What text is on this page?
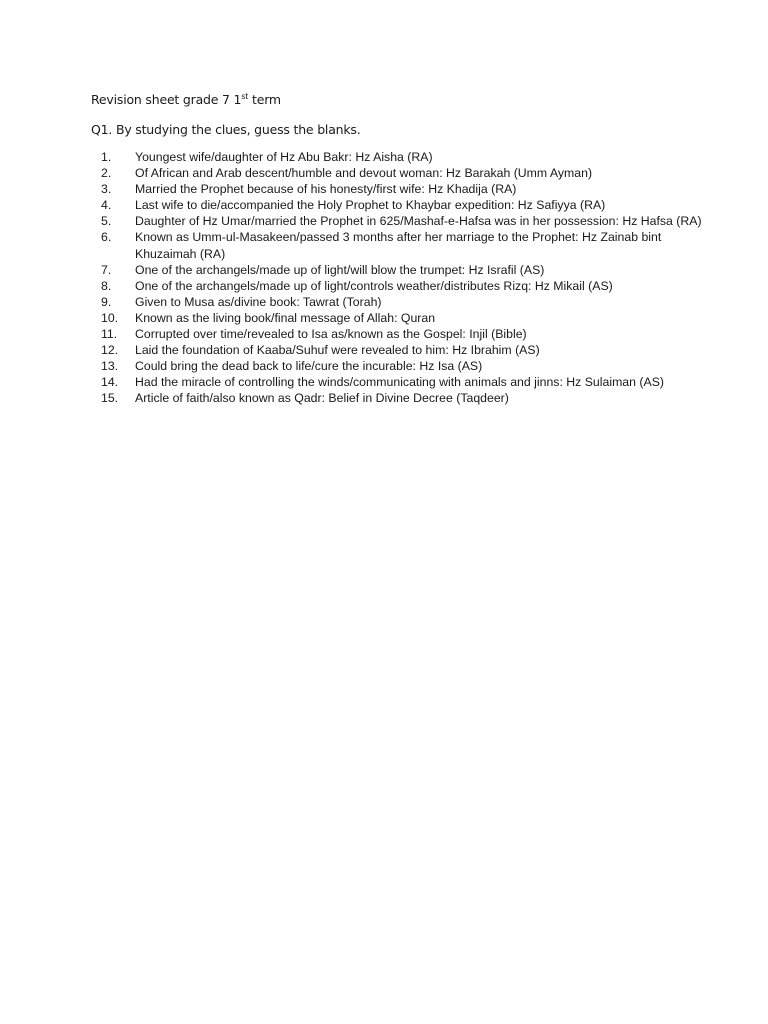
Revision sheet grade 7 1st term
Q1. By studying the clues, guess the blanks.
1.	Youngest wife/daughter of Hz Abu Bakr: Hz Aisha (RA)
2.	Of African and Arab descent/humble and devout woman: Hz Barakah (Umm Ayman)
3.	Married the Prophet because of his honesty/first wife: Hz Khadija (RA)
4.	Last wife to die/accompanied the Holy Prophet to Khaybar expedition: Hz Safiyya (RA)
5.	Daughter of Hz Umar/married the Prophet in 625/Mashaf-e-Hafsa was in her possession: Hz Hafsa (RA)
6.	Known as Umm-ul-Masakeen/passed 3 months after her marriage to the Prophet: Hz Zainab bint Khuzaimah (RA)
7.	One of the archangels/made up of light/will blow the trumpet: Hz Israfil (AS)
8.	One of the archangels/made up of light/controls weather/distributes Rizq: Hz Mikail (AS)
9.	Given to Musa as/divine book: Tawrat (Torah)
10.	Known as the living book/final message of Allah: Quran
11.	Corrupted over time/revealed to Isa as/known as the Gospel: Injil (Bible)
12.	Laid the foundation of Kaaba/Suhuf were revealed to him: Hz Ibrahim (AS)
13.	Could bring the dead back to life/cure the incurable: Hz Isa (AS)
14.	Had the miracle of controlling the winds/communicating with animals and jinns: Hz Sulaiman (AS)
15.	Article of faith/also known as Qadr: Belief in Divine Decree (Taqdeer)
